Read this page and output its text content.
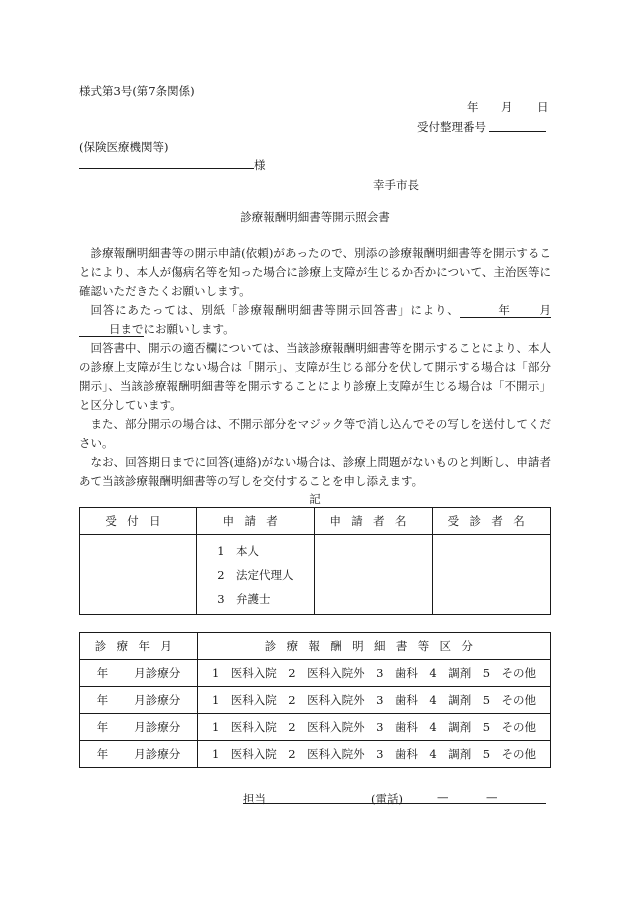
様式第3号(第7条関係)
年 月 日
受付整理番号
(保険医療機関等)
様
幸手市長
診療報酬明細書等開示照会書

診療報酬明細書等の開示申請(依頼)があったので、別添の診療報酬明細書等を開示することにより、本人が傷病名等を知った場合に診療上支障が生じるか否かについて、主治医等に確認いただきたくお願いします。

回答にあたっては、別紙「診療報酬明細書等開示回答書」により、	年 月日までにお願いします。

回答書中、開示の適否欄については、当該診療報酬明細書等を開示することにより、本人の診療上支障が生じない場合は「開示」、支障が生じる部分を伏して開示する場合は「部分開示」、当該診療報酬明細書等を開示することにより診療上支障が生じる場合は「不開示」と区分しています。

また、部分開示の場合は、不開示部分をマジック等で消し込んでその写しを送付してください。

なお、回答期日までに回答(連絡)がない場合は、診療上問題がないものと判断し、申請者あて当該診療報酬明細書等の写しを交付することを申し添えます。

記
受付日	申請者	申請者名	受診者名

	1　本人
2　法定代理人
3　弁護士		

診療年月	診療報酬明細書等区分
年 月診療分	1　医科入院　2　医科入院外　3　歯科　4　調剤　5　その他
年 月診療分	1　医科入院　2　医科入院外　3　歯科　4　調剤　5　その他
年 月診療分	1　医科入院　2　医科入院外　3　歯科　4　調剤　5　その他
年 月診療分	1　医科入院　2　医科入院外　3　歯科　4　調剤　5　その他
担当	(電話)	—	—
